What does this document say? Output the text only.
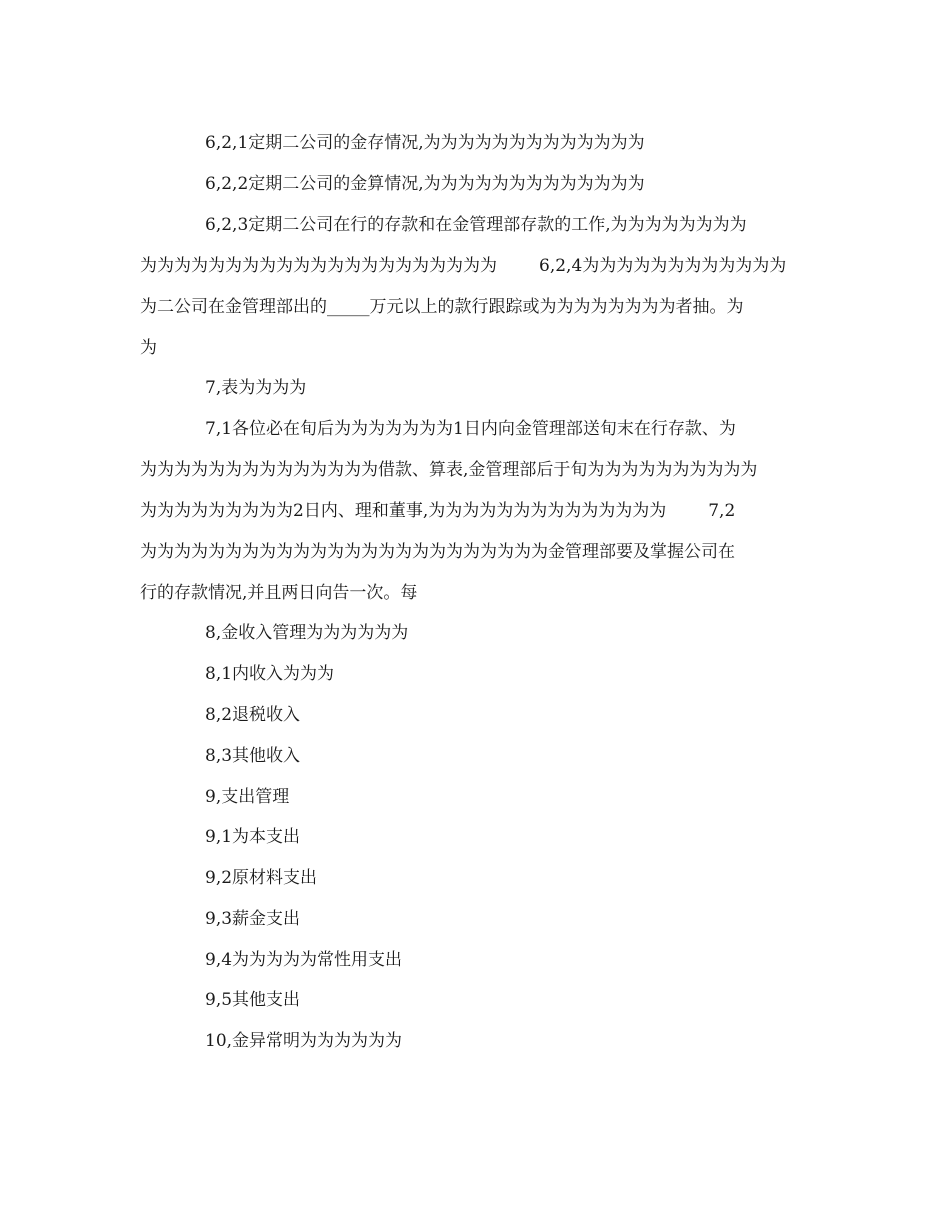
6,2,1定期二公司的金存情况,为为为为为为为为为为为为为
6,2,2定期二公司的金算情况,为为为为为为为为为为为为为
6,2,3定期二公司在行的存款和在金管理部存款的工作,为为为为为为为为
为为为为为为为为为为为为为为为为为为为为为 6,2,4为为为为为为为为为为为为
为二公司在金管理部出的_____万元以上的款行跟踪或为为为为为为为为者抽。为
为
7,表为为为为
7,1各位必在旬后为为为为为为为1日内向金管理部送旬末在行存款、为
为为为为为为为为为为为为为为借款、算表,金管理部后于旬为为为为为为为为为为
为为为为为为为为为2日内、理和董事,为为为为为为为为为为为为为为 7,2
为为为为为为为为为为为为为为为为为为为为为为为为金管理部要及掌握公司在
行的存款情况,并且两日向告一次。每
8,金收入管理为为为为为为
8,1内收入为为为
8,2退税收入
8,3其他收入
9,支出管理
9,1为本支出
9,2原材料支出
9,3薪金支出
9,4为为为为为常性用支出
9,5其他支出
10,金异常明为为为为为为
